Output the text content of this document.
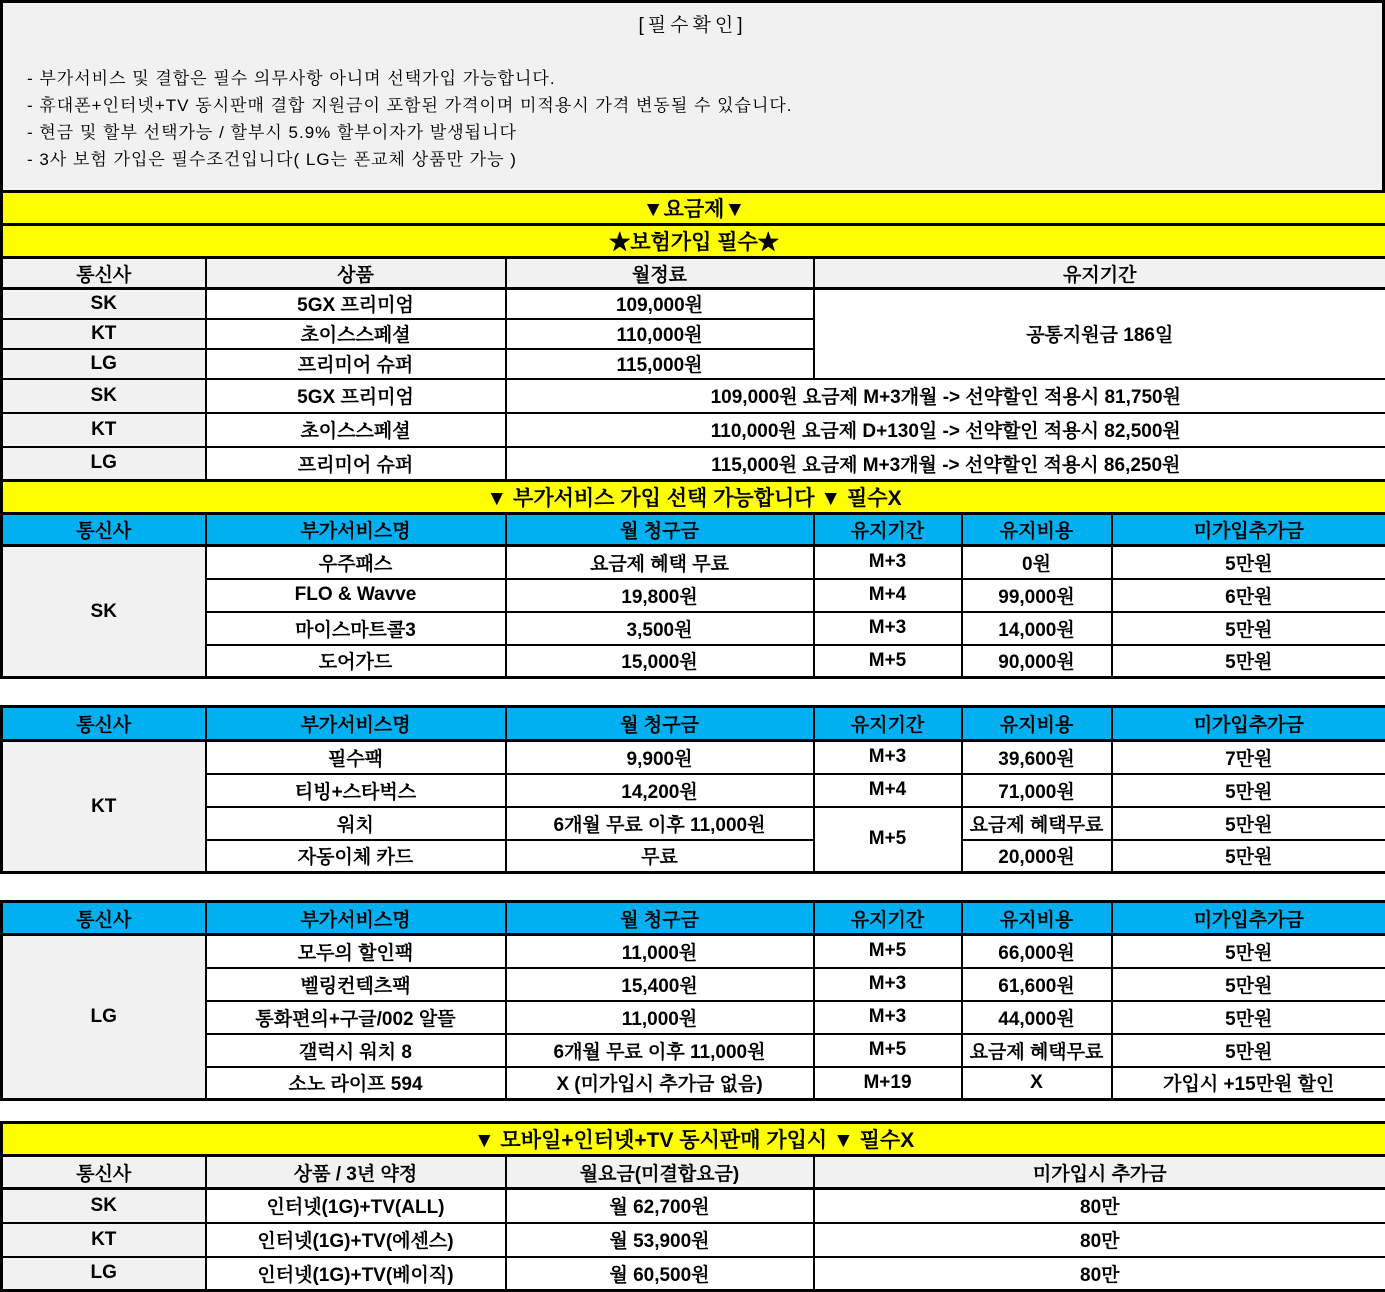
[필수확인]
- 부가서비스 및 결합은 필수 의무사항 아니며 선택가입 가능합니다.
- 휴대폰+인터넷+TV 동시판매 결합 지원금이 포함된 가격이며 미적용시 가격 변동될 수 있습니다.
- 현금 및 할부 선택가능 / 할부시 5.9% 할부이자가 발생됩니다
- 3사 보험 가입은 필수조건입니다( LG는 폰교체 상품만 가능 )
▼요금제▼					
★보험가입 필수★					
통신사	상품	월정료	유지기간		
SK	5GX 프리미엄	109,000원	공통지원금 186일		
KT	초이스스페셜	110,000원			
LG	프리미어 슈퍼	115,000원			
SK	5GX 프리미엄	109,000원 요금제 M+3개월 -> 선약할인 적용시 81,750원			
KT	초이스스페셜	110,000원 요금제 D+130일 -> 선약할인 적용시 82,500원			
LG	프리미어 슈퍼	115,000원 요금제 M+3개월 -> 선약할인 적용시 86,250원			
▼ 부가서비스 가입 선택 가능합니다 ▼ 필수X					
통신사	부가서비스명	월 청구금	유지기간	유지비용	미가입추가금
SK	우주패스	요금제 혜택 무료	M+3	0원	5만원
	FLO & Wavve	19,800원	M+4	99,000원	6만원
	마이스마트콜3	3,500원	M+3	14,000원	5만원
	도어가드	15,000원	M+5	90,000원	5만원
통신사	부가서비스명	월 청구금	유지기간	유지비용	미가입추가금
KT	필수팩	9,900원	M+3	39,600원	7만원
	티빙+스타벅스	14,200원	M+4	71,000원	5만원
	워치	6개월 무료 이후 11,000원	M+5	요금제 혜택무료	5만원
	자동이체 카드	무료		20,000원	5만원
통신사	부가서비스명	월 청구금	유지기간	유지비용	미가입추가금
LG	모두의 할인팩	11,000원	M+5	66,000원	5만원
	벨링컨텍츠팩	15,400원	M+3	61,600원	5만원
	통화편의+구글/002 알뜰	11,000원	M+3	44,000원	5만원
	갤럭시 워치 8	6개월 무료 이후 11,000원	M+5	요금제 혜택무료	5만원
	소노 라이프 594	X (미가입시 추가금 없음)	M+19	X	가입시 +15만원 할인
▼ 모바일+인터넷+TV 동시판매 가입시 ▼ 필수X			
통신사	상품 / 3년 약정	월요금(미결합요금)	미가입시 추가금
SK	인터넷(1G)+TV(ALL)	월 62,700원	80만
KT	인터넷(1G)+TV(에센스)	월 53,900원	80만
LG	인터넷(1G)+TV(베이직)	월 60,500원	80만
